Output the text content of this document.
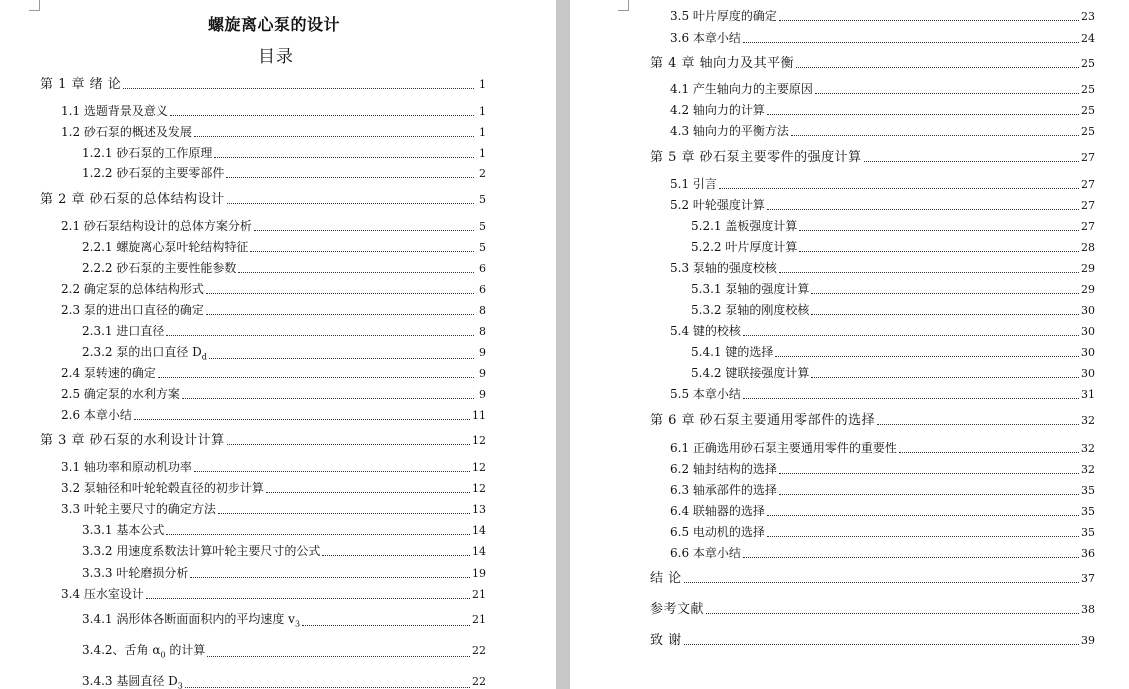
螺旋离心泵的设计
目录
第 1 章 绪 论	1
1.1 选题背景及意义	1
1.2 砂石泵的概述及发展	1
1.2.1 砂石泵的工作原理	1
1.2.2 砂石泵的主要零部件	2
第 2 章 砂石泵的总体结构设计	5
2.1 砂石泵结构设计的总体方案分析	5
2.2.1 螺旋离心泵叶轮结构特征	5
2.2.2 砂石泵的主要性能参数	6
2.2 确定泵的总体结构形式	6
2.3 泵的进出口直径的确定	8
2.3.1 进口直径	8
2.3.2 泵的出口直径 $D_d$	9
2.4 泵转速的确定	9
2.5 确定泵的水利方案	9
2.6 本章小结	11
第 3 章 砂石泵的水利设计计算	12
3.1 轴功率和原动机功率	12
3.2 泵轴径和叶轮轮毂直径的初步计算	12
3.3 叶轮主要尺寸的确定方法	13
3.3.1 基本公式	14
3.3.2 用速度系数法计算叶轮主要尺寸的公式	14
3.3.3 叶轮磨损分析	19
3.4 压水室设计	21
3.4.1 涡形体各断面面积内的平均速度 $v_3$	21
3.4.2、舌角 $\alpha_0$ 的计算	22
3.4.3 基圆直径 $D_3$	22
3.5 叶片厚度的确定	23
3.6 本章小结	24
第 4 章 轴向力及其平衡	25
4.1 产生轴向力的主要原因	25
4.2 轴向力的计算	25
4.3 轴向力的平衡方法	25
第 5 章 砂石泵主要零件的强度计算	27
5.1 引言	27
5.2 叶轮强度计算	27
5.2.1 盖板强度计算	27
5.2.2 叶片厚度计算	28
5.3 泵轴的强度校核	29
5.3.1 泵轴的强度计算	29
5.3.2 泵轴的刚度校核	30
5.4 键的校核	30
5.4.1 键的选择	30
5.4.2 键联接强度计算	30
5.5 本章小结	31
第 6 章 砂石泵主要通用零部件的选择	32
6.1 正确选用砂石泵主要通用零件的重要性	32
6.2 轴封结构的选择	32
6.3 轴承部件的选择	35
6.4 联轴器的选择	35
6.5 电动机的选择	35
6.6 本章小结	36
结 论	37
参考文献	38
致 谢	39
